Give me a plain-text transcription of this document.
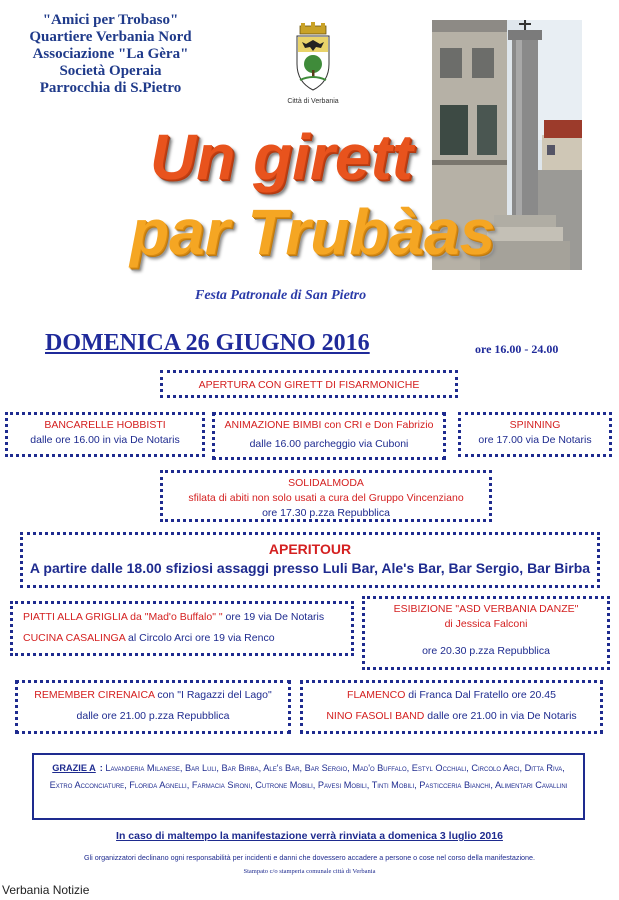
"Amici per Trobaso"
Quartiere Verbania Nord
Associazione "La Gèra"
Società Operaia
Parrocchia di S.Pietro
Città di Verbania
Un girett
par Trubàas
Festa Patronale di San Pietro
DOMENICA 26 GIUGNO 2016	ore 16.00 - 24.00
APERTURA CON GIRETT DI FISARMONICHE
BANCARELLE HOBBISTI
dalle ore 16.00 in via De Notaris
ANIMAZIONE BIMBI con CRI e Don Fabrizio
dalle 16.00 parcheggio via Cuboni
SPINNING
ore 17.00 via De Notaris
SOLIDALMODA
sfilata di abiti non solo usati a cura del Gruppo Vincenziano
ore 17.30 p.zza Repubblica
APERITOUR
A partire dalle 18.00 sfiziosi assaggi presso Luli Bar, Ale's Bar, Bar Sergio, Bar Birba
PIATTI ALLA GRIGLIA da "Mad'o Buffalo" " ore 19 via De Notaris
CUCINA CASALINGA al Circolo Arci ore 19 via Renco
ESIBIZIONE "ASD VERBANIA DANZE"
di Jessica Falconi
ore 20.30 p.zza Repubblica
REMEMBER CIRENAICA con "I Ragazzi del Lago"
dalle ore 21.00 p.zza Repubblica
FLAMENCO di Franca Dal Fratello ore 20.45
NINO FASOLI BAND dalle ore 21.00 in via De Notaris
GRAZIE A : Lavanderia Milanese, Bar Luli, Bar Birba, Ale's Bar, Bar Sergio, Mad'o Buffalo, Estyl Occhiali, Circolo Arci, Ditta Riva, Extro Acconciature, Florida Agnelli, Farmacia Sironi, Cutrone Mobili, Pavesi Mobili, Tinti Mobili, Pasticceria Bianchi, Alimentari Cavallini
In caso di maltempo la manifestazione verrà rinviata a domenica 3 luglio 2016
Gli organizzatori declinano ogni responsabilità per incidenti e danni che dovessero accadere a persone o cose nel corso della manifestazione.
Stampato c/o stamperia comunale città di Verbania
Verbania Notizie
